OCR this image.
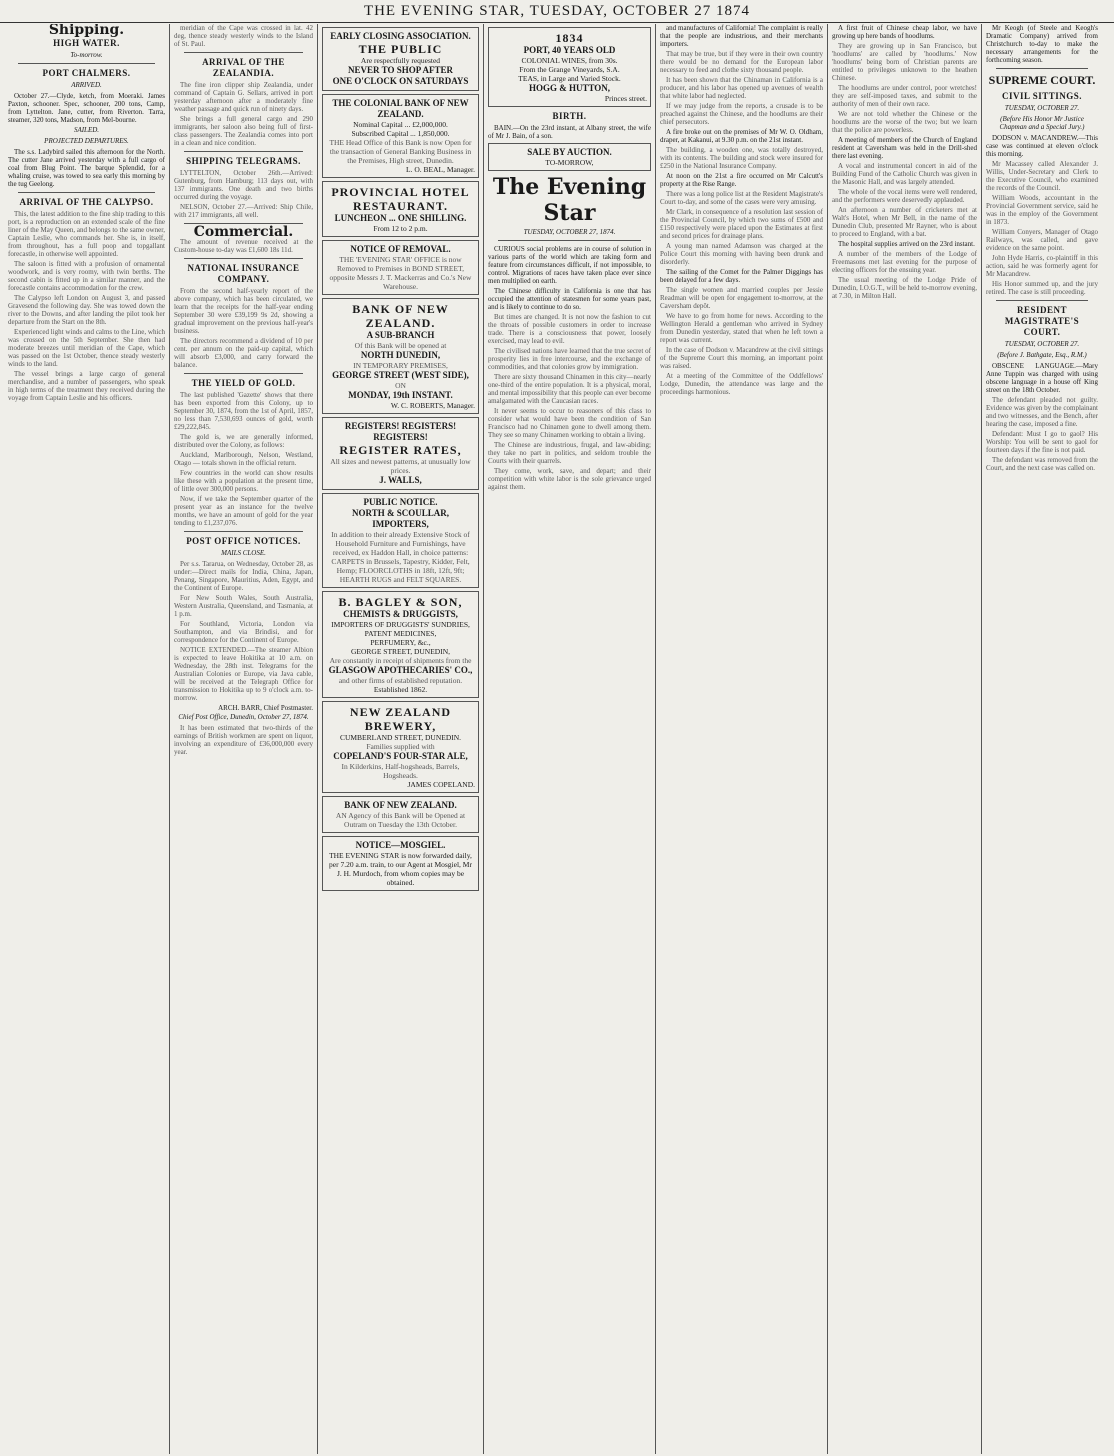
THE EVENING STAR, TUESDAY, OCTOBER 27 1874
Shipping.
HIGH WATER.
To-morrow.
PORT CHALMERS.
ARRIVED.

October 27.—Clyde, ketch, from Moeraki. James Paxton, schooner. Spec, schooner, 200 tons, Camp, from Lyttelton. Jane, cutter, from Riverton. Tarra, steamer, 320 tons, Madson, from Mel-bourne.

SAILED.
PROJECTED DEPARTURES.

The s.s. Ladybird sailed this afternoon for the North. The cutter Jane arrived yesterday with a full cargo of coal from Blug Point. The barque Splendid, for a whaling cruise, was towed to sea early this morning by the tug Geelong.

ARRIVAL OF THE CALYPSO.

This, the latest addition to the fine ship trading to this port, is a reproduction on an extended scale of the fine liner of the May Queen, and belongs to the same owner, Captain Leslie, who commands her. She is, in itself, from throughout, has a full poop and topgallant forecastle, in otherwise well appointed.

The saloon is fitted with a profusion of ornamental woodwork, and is very roomy, with twin berths. The second cabin is fitted up in a similar manner, and the forecastle contains accommodation for the crew.

The Calypso left London on August 3, and passed Gravesend the following day. She was towed down the river to the Downs, and after landing the pilot took her departure from the Start on the 8th.

Experienced light winds and calms to the Line, which was crossed on the 5th September. She then had moderate breezes until meridian of the Cape, which was passed on the 1st October, thence steady westerly winds to the land.

The vessel brings a large cargo of general merchandise, and a number of passengers, who speak in high terms of the treatment they received during the voyage from Captain Leslie and his officers.

meridian of the Cape was crossed in lat. 42 deg, thence steady westerly winds to the Island of St. Paul.

ARRIVAL OF THE ZEALANDIA.

The fine iron clipper ship Zealandia, under command of Captain G. Sellars, arrived in port yesterday afternoon after a moderately fine weather passage and quick run of ninety days.

She brings a full general cargo and 290 immigrants, her saloon also being full of first-class passengers. The Zealandia comes into port in a clean and nice condition.

SHIPPING TELEGRAMS.

LYTTELTON, October 26th.—Arrived: Gutenburg, from Hamburg; 113 days out, with 137 immigrants. One death and two births occurred during the voyage.

NELSON, October 27.—Arrived: Ship Chile, with 217 immigrants, all well.

Commercial.

The amount of revenue received at the Custom-house to-day was £1,600 18s 11d.

NATIONAL INSURANCE COMPANY.

From the second half-yearly report of the above company, which has been circulated, we learn that the receipts for the half-year ending September 30 were £39,199 9s 2d, showing a gradual improvement on the previous half-year's business.

The directors recommend a dividend of 10 per cent. per annum on the paid-up capital, which will absorb £3,000, and carry forward the balance.

THE YIELD OF GOLD.

The last published 'Gazette' shows that there has been exported from this Colony, up to September 30, 1874, from the 1st of April, 1857, no less than 7,530,693 ounces of gold, worth £29,222,845.

The gold is, we are generally informed, distributed over the Colony, as follows:

Auckland, Marlborough, Nelson, Westland, Otago — totals shown in the official return.

Few countries in the world can show results like these with a population at the present time, of little over 300,000 persons.

Now, if we take the September quarter of the present year as an instance for the twelve months, we have an amount of gold for the year tending to £1,237,076.

POST OFFICE NOTICES.
MAILS CLOSE.

Per s.s. Tararua, on Wednesday, October 28, as under:—Direct mails for India, China, Japan, Penang, Singapore, Mauritius, Aden, Egypt, and the Continent of Europe.

For New South Wales, South Australia, Western Australia, Queensland, and Tasmania, at 1 p.m.

For Southland, Victoria, London via Southampton, and via Brindisi, and for correspondence for the Continent of Europe.

NOTICE EXTENDED.—The steamer Albion is expected to leave Hokitika at 10 a.m. on Wednesday, the 28th inst. Telegrams for the Australian Colonies or Europe, via Java cable, will be received at the Telegraph Office for transmission to Hokitika up to 9 o'clock a.m. to-morrow.

ARCH. BARR, Chief Postmaster.
Chief Post Office, Dunedin, October 27, 1874.

It has been estimated that two-thirds of the earnings of British workmen are spent on liquor, involving an expenditure of £36,000,000 every year.

EARLY CLOSING ASSOCIATION.
THE PUBLIC
Are respectfully requested
NEVER TO SHOP AFTER
ONE O'CLOCK ON SATURDAYS
THE COLONIAL BANK OF NEW ZEALAND.
Nominal Capital ... £2,000,000.
Subscribed Capital ... 1,850,000.
THE Head Office of this Bank is now Open for the transaction of General Banking Business in the Premises, High street, Dunedin.
L. O. BEAL, Manager.
PROVINCIAL HOTEL RESTAURANT.
LUNCHEON ... ONE SHILLING.
From 12 to 2 p.m.
NOTICE OF REMOVAL.
THE 'EVENING STAR' OFFICE is now Removed to Premises in BOND STREET, opposite Messrs J. T. Mackerras and Co.'s New Warehouse.
BANK OF NEW ZEALAND.
A SUB-BRANCH
Of this Bank will be opened at
NORTH DUNEDIN,
IN TEMPORARY PREMISES,
GEORGE STREET (WEST SIDE),
ON
MONDAY, 19th INSTANT.
W. C. ROBERTS, Manager.
REGISTERS! REGISTERS! REGISTERS!
REGISTER RATES,
All sizes and newest patterns, at unusually low prices.
J. WALLS,
PUBLIC NOTICE.
NORTH & SCOULLAR, IMPORTERS,
In addition to their already Extensive Stock of Household Furniture and Furnishings, have received, ex Haddon Hall, in choice patterns: CARPETS in Brussels, Tapestry, Kidder, Felt, Hemp; FLOORCLOTHS in 18ft, 12ft, 9ft; HEARTH RUGS and FELT SQUARES.
B. BAGLEY & SON,
CHEMISTS & DRUGGISTS,
IMPORTERS OF DRUGGISTS' SUNDRIES, PATENT MEDICINES,
PERFUMERY, &c.,
GEORGE STREET, DUNEDIN,
Are constantly in receipt of shipments from the
GLASGOW APOTHECARIES' CO.,
and other firms of established reputation.
Established 1862.
NEW ZEALAND BREWERY,
CUMBERLAND STREET, DUNEDIN.
Families supplied with
COPELAND'S FOUR-STAR ALE,
In Kilderkins, Half-hogsheads, Barrels, Hogsheads.
JAMES COPELAND.
BANK OF NEW ZEALAND.
AN Agency of this Bank will be Opened at Outram on Tuesday the 13th October.
NOTICE—MOSGIEL.
THE EVENING STAR is now forwarded daily, per 7.20 a.m. train, to our Agent at Mosgiel, Mr J. H. Murdoch, from whom copies may be obtained.
1834
PORT, 40 YEARS OLD
COLONIAL WINES, from 30s.
From the Grange Vineyards, S.A.
TEAS, in Large and Varied Stock.
HOGG & HUTTON,
Princes street.
BIRTH.

BAIN.—On the 23rd instant, at Albany street, the wife of Mr J. Bain, of a son.

SALE BY AUCTION.
TO-MORROW,
The Evening Star
TUESDAY, OCTOBER 27, 1874.

CURIOUS social problems are in course of solution in various parts of the world which are taking form and feature from circumstances difficult, if not impossible, to control. Migrations of races have taken place ever since men multiplied on earth.

The Chinese difficulty in California is one that has occupied the attention of statesmen for some years past, and is likely to continue to do so.

But times are changed. It is not now the fashion to cut the throats of possible customers in order to increase trade. There is a consciousness that power, loosely exercised, may lead to evil.

The civilised nations have learned that the true secret of prosperity lies in free intercourse, and the exchange of commodities, and that colonies grow by immigration.

There are sixty thousand Chinamen in this city—nearly one-third of the entire population. It is a physical, moral, and mental impossibility that this people can ever become amalgamated with the Caucasian races.

It never seems to occur to reasoners of this class to consider what would have been the condition of San Francisco had no Chinamen gone to dwell among them. They see so many Chinamen working to obtain a living.

The Chinese are industrious, frugal, and law-abiding; they take no part in politics, and seldom trouble the Courts with their quarrels.

They come, work, save, and depart; and their competition with white labor is the sole grievance urged against them.

and manufactures of California! The complaint is really that the people are industrious, and their merchants importers.

That may be true, but if they were in their own country there would be no demand for the European labor necessary to feed and clothe sixty thousand people.

It has been shown that the Chinaman in California is a producer, and his labor has opened up avenues of wealth that white labor had neglected.

If we may judge from the reports, a crusade is to be preached against the Chinese, and the hoodlums are their chief persecutors.

A fire broke out on the premises of Mr W. O. Oldham, draper, at Kakanui, at 9.30 p.m. on the 21st instant.

The building, a wooden one, was totally destroyed, with its contents. The building and stock were insured for £250 in the National Insurance Company.

At noon on the 21st a fire occurred on Mr Calcutt's property at the Rise Range.

There was a long police list at the Resident Magistrate's Court to-day, and some of the cases were very amusing.

Mr Clark, in consequence of a resolution last session of the Provincial Council, by which two sums of £500 and £150 respectively were placed upon the Estimates at first and second prices for drainage plans.

A young man named Adamson was charged at the Police Court this morning with having been drunk and disorderly.

The sailing of the Comet for the Palmer Diggings has been delayed for a few days.

The single women and married couples per Jessie Readman will be open for engagement to-morrow, at the Caversham depôt.

We have to go from home for news. According to the Wellington Herald a gentleman who arrived in Sydney from Dunedin yesterday, stated that when he left town a report was current.

In the case of Dodson v. Macandrew at the civil sittings of the Supreme Court this morning, an important point was raised.

At a meeting of the Committee of the Oddfellows' Lodge, Dunedin, the attendance was large and the proceedings harmonious.

A first fruit of Chinese cheap labor, we have growing up here bands of hoodlums.

They are growing up in San Francisco, but 'hoodlums' are called by 'hoodlums.' Now 'hoodlums' being born of Christian parents are entitled to privileges unknown to the heathen Chinese.

The hoodlums are under control, poor wretches! they are self-imposed taxes, and submit to the authority of men of their own race.

We are not told whether the Chinese or the hoodlums are the worse of the two; but we learn that the police are powerless.

A meeting of members of the Church of England resident at Caversham was held in the Drill-shed there last evening.

A vocal and instrumental concert in aid of the Building Fund of the Catholic Church was given in the Masonic Hall, and was largely attended.

The whole of the vocal items were well rendered, and the performers were deservedly applauded.

An afternoon a number of cricketers met at Walt's Hotel, when Mr Bell, in the name of the Dunedin Club, presented Mr Rayner, who is about to proceed to England, with a bat.

The hospital supplies arrived on the 23rd instant.

A number of the members of the Lodge of Freemasons met last evening for the purpose of electing officers for the ensuing year.

The usual meeting of the Lodge Pride of Dunedin, I.O.G.T., will be held to-morrow evening, at 7.30, in Milton Hall.

Mr Keogh (of Steele and Keogh's Dramatic Company) arrived from Christchurch to-day to make the necessary arrangements for the forthcoming season.

SUPREME COURT.
CIVIL SITTINGS.
TUESDAY, OCTOBER 27.
(Before His Honor Mr Justice Chapman and a Special Jury.)

DODSON v. MACANDREW.—This case was continued at eleven o'clock this morning.

Mr Macassey called Alexander J. Willis, Under-Secretary and Clerk to the Executive Council, who examined the records of the Council.

William Woods, accountant in the Provincial Government service, said he was in the employ of the Government in 1873.

William Conyers, Manager of Otago Railways, was called, and gave evidence on the same point.

John Hyde Harris, co-plaintiff in this action, said he was formerly agent for Mr Macandrew.

His Honor summed up, and the jury retired. The case is still proceeding.

RESIDENT MAGISTRATE'S COURT.
TUESDAY, OCTOBER 27.
(Before J. Bathgate, Esq., R.M.)

OBSCENE LANGUAGE.—Mary Anne Tuppin was charged with using obscene language in a house off King street on the 18th October.

The defendant pleaded not guilty. Evidence was given by the complainant and two witnesses, and the Bench, after hearing the case, imposed a fine.

Defendant: Must I go to gaol? His Worship: You will be sent to gaol for fourteen days if the fine is not paid.

The defendant was removed from the Court, and the next case was called on.
